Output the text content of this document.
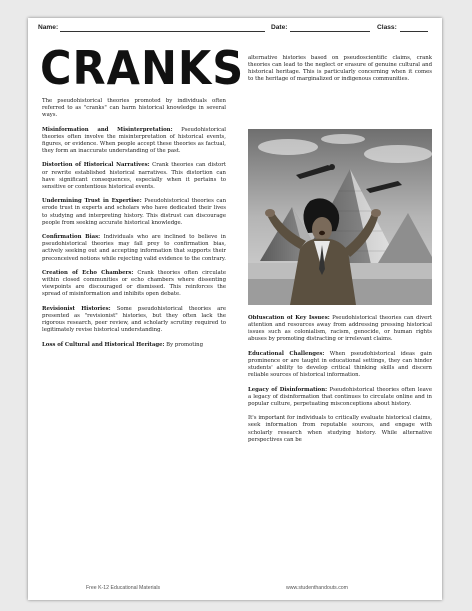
Name:	Date:	Class:
CRANKS

The pseudohistorical theories promoted by individuals often referred to as "cranks" can harm historical knowledge in several ways.

Misinformation and Misinterpretation: Pseudohistorical theories often involve the misinterpretation of historical events, figures, or evidence. When people accept these theories as factual, they form an inaccurate understanding of the past.

Distortion of Historical Narratives: Crank theories can distort or rewrite established historical narratives. This distortion can have significant consequences, especially when it pertains to sensitive or contentious historical events.

Undermining Trust in Expertise: Pseudohistorical theories can erode trust in experts and scholars who have dedicated their lives to studying and interpreting history. This distrust can discourage people from seeking accurate historical knowledge.

Confirmation Bias: Individuals who are inclined to believe in pseudohistorical theories may fall prey to confirmation bias, actively seeking out and accepting information that supports their preconceived notions while rejecting valid evidence to the contrary.

Creation of Echo Chambers: Crank theories often circulate within closed communities or echo chambers where dissenting viewpoints are discouraged or dismissed. This reinforces the spread of misinformation and inhibits open debate.

Revisionist Histories: Some pseudohistorical theories are presented as "revisionist" histories, but they often lack the rigorous research, peer review, and scholarly scrutiny required to legitimately revise historical understanding.

Loss of Cultural and Historical Heritage: By promoting

alternative histories based on pseudoscientific claims, crank theories can lead to the neglect or erasure of genuine cultural and historical heritage. This is particularly concerning when it comes to the heritage of marginalized or indigenous communities.

Obfuscation of Key Issues: Pseudohistorical theories can divert attention and resources away from addressing pressing historical issues such as colonialism, racism, genocide, or human rights abuses by promoting distracting or irrelevant claims.

Educational Challenges: When pseudohistorical ideas gain prominence or are taught in educational settings, they can hinder students' ability to develop critical thinking skills and discern reliable sources of historical information.

Legacy of Disinformation: Pseudohistorical theories often leave a legacy of disinformation that continues to circulate online and in popular culture, perpetuating misconceptions about history.

It's important for individuals to critically evaluate historical claims, seek information from reputable sources, and engage with scholarly research when studying history. While alternative perspectives can be

Free K-12 Educational Materials	www.studenthandouts.com
